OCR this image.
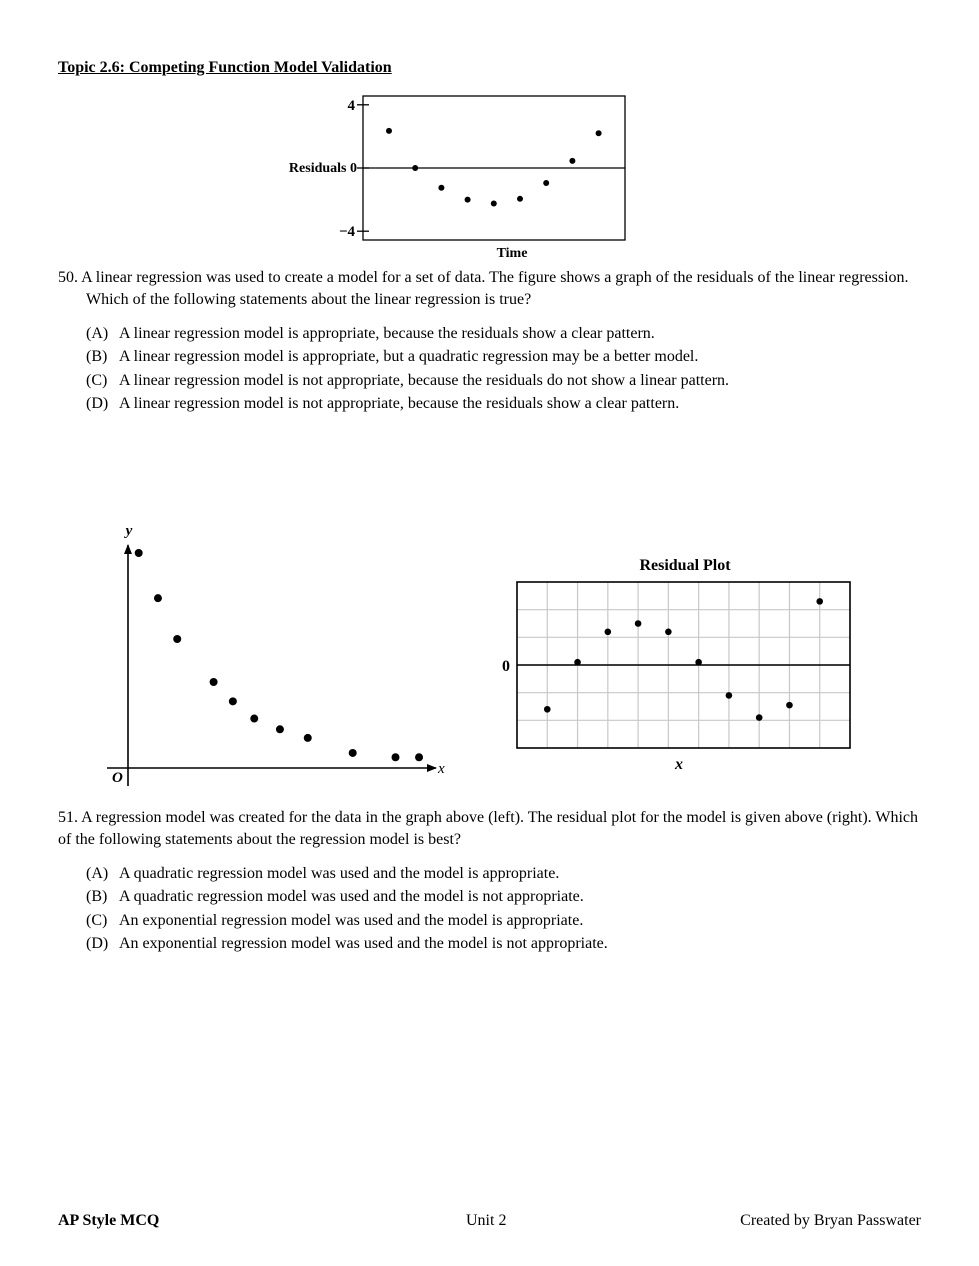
Topic 2.6: Competing Function Model Validation
4
−4
Residuals 0
Time
50. A linear regression was used to create a model for a set of data. The figure shows a graph of the residuals of the linear regression. Which of the following statements about the linear regression is true?
(A) A linear regression model is appropriate, because the residuals show a clear pattern.
(B) A linear regression model is appropriate, but a quadratic regression may be a better model.
(C) A linear regression model is not appropriate, because the residuals do not show a linear pattern.
(D) A linear regression model is not appropriate, because the residuals show a clear pattern.
y
x
O
Residual Plot
0
x
51. A regression model was created for the data in the graph above (left). The residual plot for the model is given above (right). Which of the following statements about the regression model is best?
(A) A quadratic regression model was used and the model is appropriate.
(B) A quadratic regression model was used and the model is not appropriate.
(C) An exponential regression model was used and the model is appropriate.
(D) An exponential regression model was used and the model is not appropriate.
AP Style MCQ	Unit 2	Created by Bryan Passwater
